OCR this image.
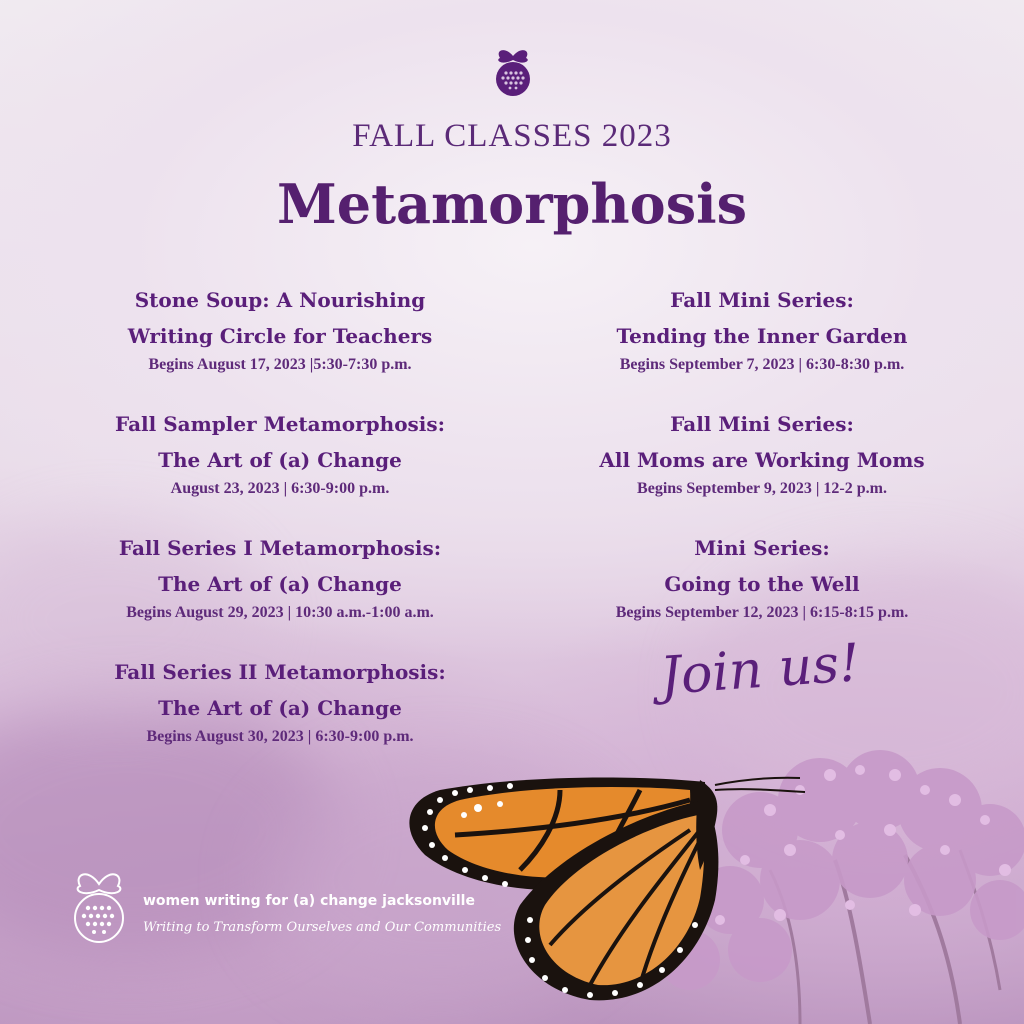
FALL CLASSES 2023
Metamorphosis
Stone Soup: A Nourishing
Writing Circle for Teachers
Begins August 17, 2023 |5:30-7:30 p.m.
Fall Sampler Metamorphosis:
The Art of (a) Change
August 23, 2023 | 6:30-9:00 p.m.
Fall Series I Metamorphosis:
The Art of (a) Change
Begins August 29, 2023 | 10:30 a.m.-1:00 a.m.
Fall Series II Metamorphosis:
The Art of (a) Change
Begins August 30, 2023 | 6:30-9:00 p.m.
Fall Mini Series:
Tending the Inner Garden
Begins September 7, 2023 | 6:30-8:30 p.m.
Fall Mini Series:
All Moms are Working Moms
Begins September 9, 2023 | 12-2 p.m.
Mini Series:
Going to the Well
Begins September 12, 2023 | 6:15-8:15 p.m.
Join us!
women writing for (a) change jacksonville
Writing to Transform Ourselves and Our Communities
